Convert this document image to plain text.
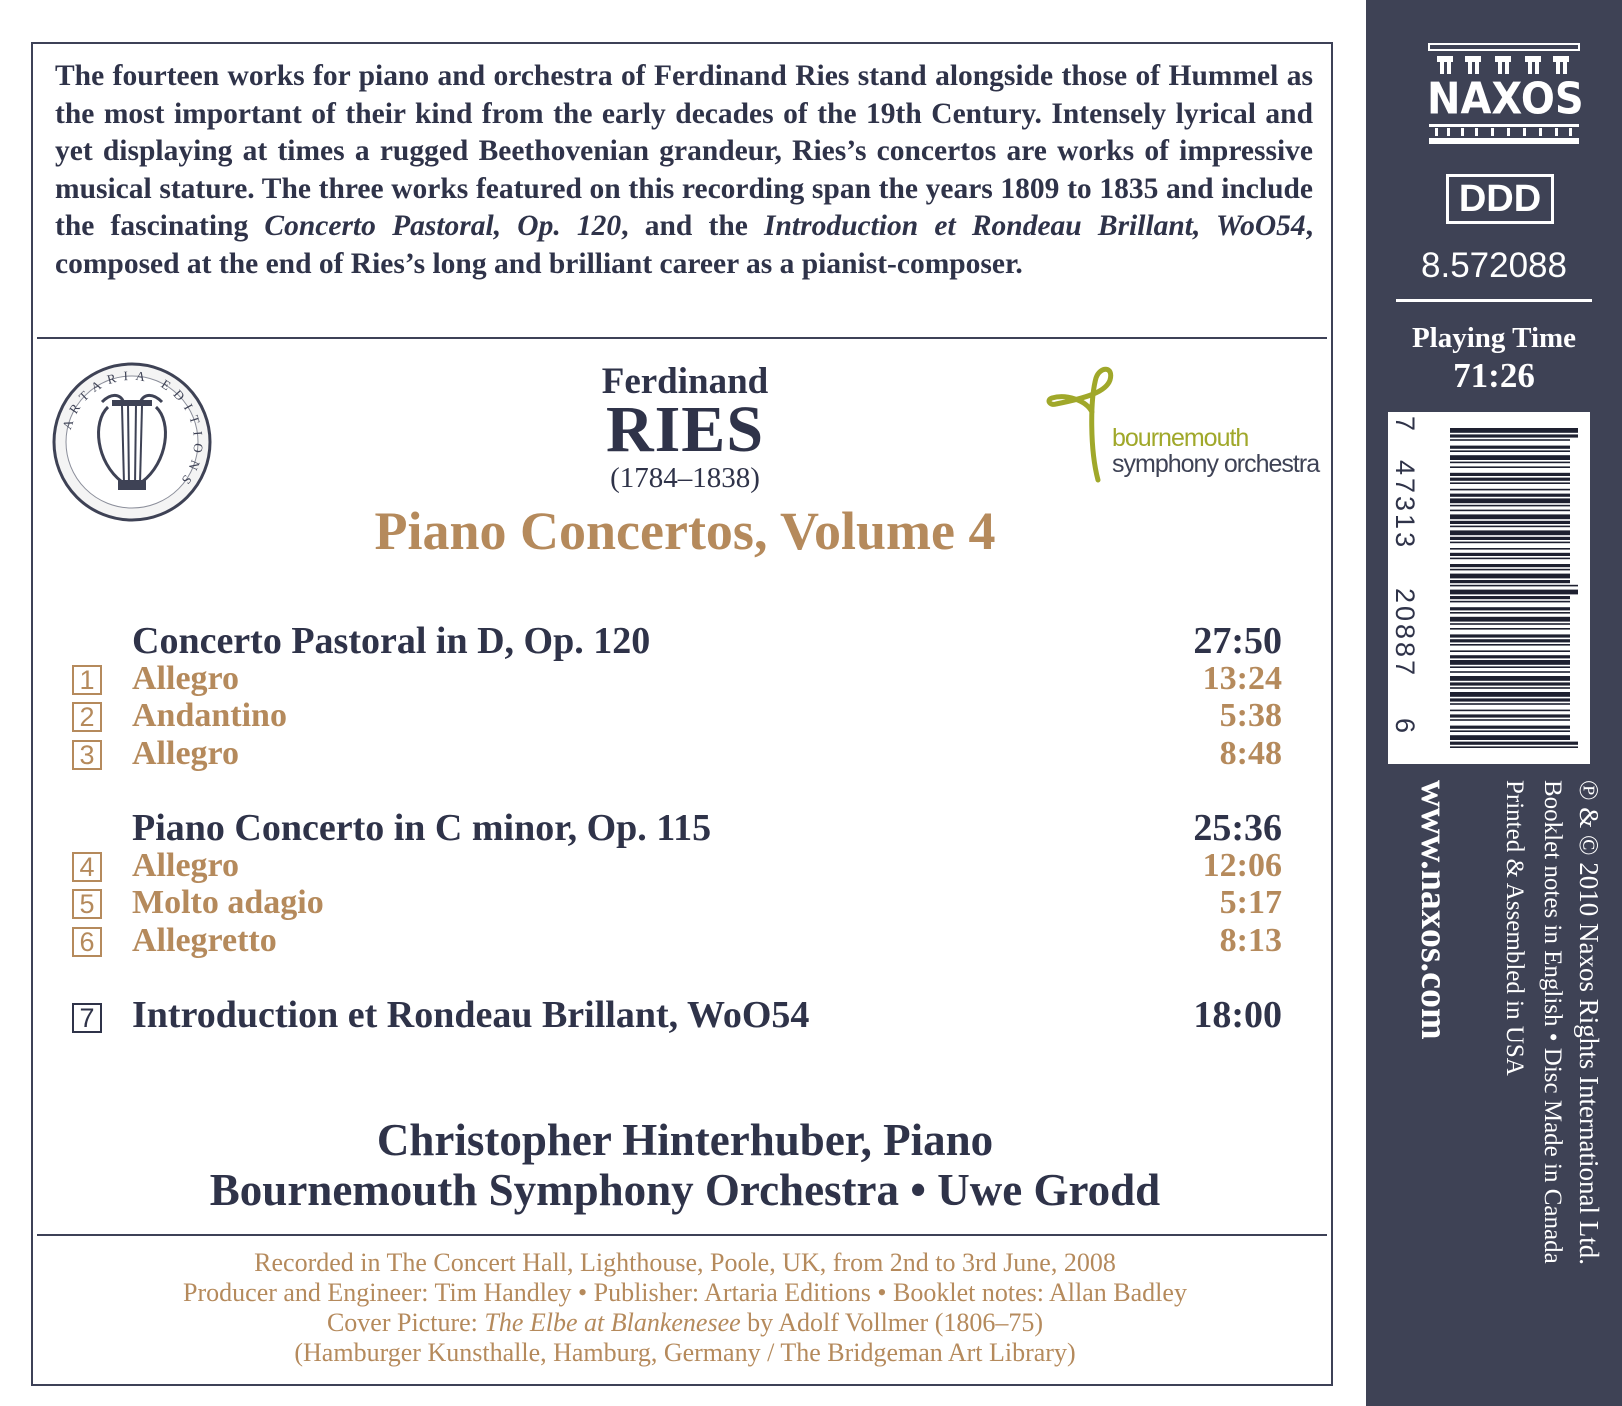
The fourteen works for piano and orchestra of Ferdinand Ries stand alongside those of Hummel as the most important of their kind from the early decades of the 19th Century. Intensely lyrical and yet displaying at times a rugged Beethovenian grandeur, Ries’s concertos are works of impressive musical stature. The three works featured on this recording span the years 1809 to 1835 and include the fascinating Concerto Pastoral, Op. 120, and the Introduction et Rondeau Brillant, WoO54, composed at the end of Ries’s long and brilliant career as a pianist-composer.
ARTARIA EDITIONS
Ferdinand
RIES
(1784–1838)
Piano Concertos, Volume 4
bournemouth
symphony orchestra
Concerto Pastoral in D, Op. 120	27:50
1 Allegro	13:24
2 Andantino	5:38
3 Allegro	8:48
Piano Concerto in C minor, Op. 115	25:36
4 Allegro	12:06
5 Molto adagio	5:17
6 Allegretto	8:13
7 Introduction et Rondeau Brillant, WoO54	18:00
Christopher Hinterhuber, Piano
Bournemouth Symphony Orchestra • Uwe Grodd
Recorded in The Concert Hall, Lighthouse, Poole, UK, from 2nd to 3rd June, 2008
Producer and Engineer: Tim Handley • Publisher: Artaria Editions • Booklet notes: Allan Badley
Cover Picture: The Elbe at Blankenesee by Adolf Vollmer (1806–75)
(Hamburger Kunsthalle, Hamburg, Germany / The Bridgeman Art Library)
NAXOS
DDD
8.572088
Playing Time
71:26
7
47313
20887
6
www.naxos.com	℗ & © 2010 Naxos Rights International Ltd.
Booklet notes in English • Disc Made in Canada
Printed & Assembled in USA
